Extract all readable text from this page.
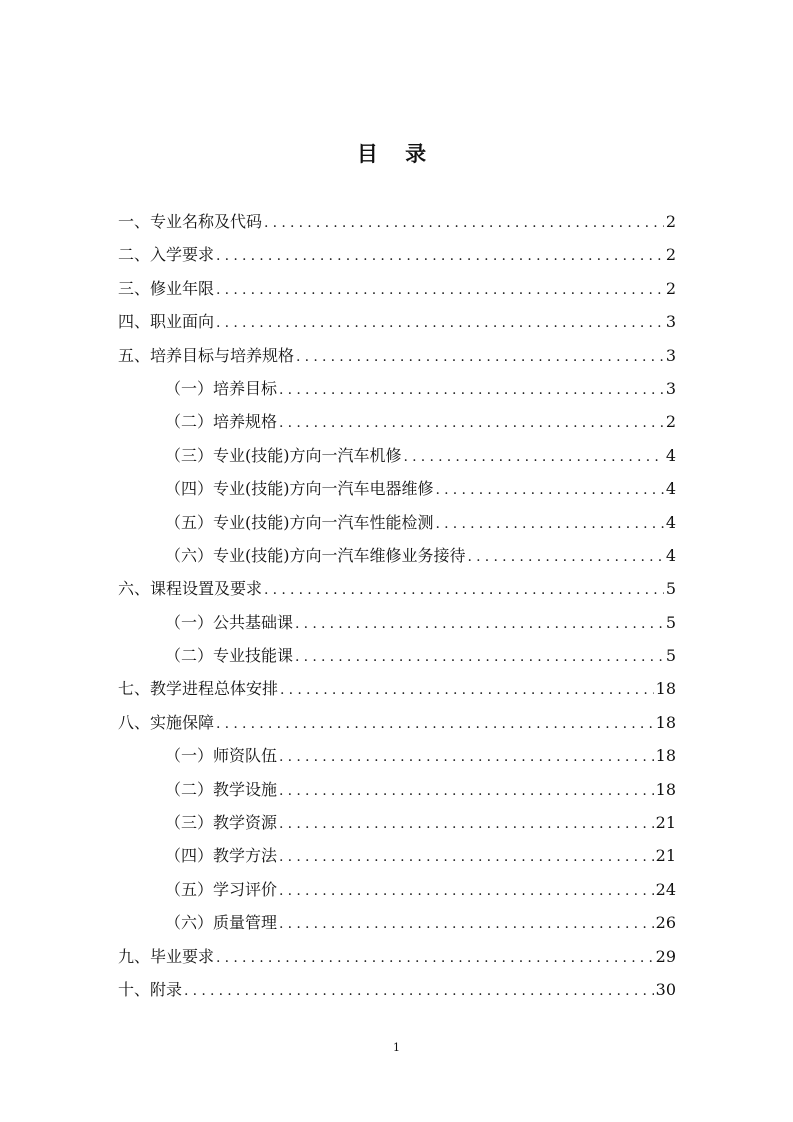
目 录
一、专业名称及代码 .....	2
二、入学要求 .....	2
三、修业年限 .....	2
四、职业面向 .....	3
五、培养目标与培养规格 .....	3
（一）培养目标 .....	3
（二）培养规格 .....	2
（三）专业(技能)方向一汽车机修 .....	4
（四）专业(技能)方向一汽车电器维修 .....	4
（五）专业(技能)方向一汽车性能检测 .....	4
（六）专业(技能)方向一汽车维修业务接待 .....	4
六、课程设置及要求 .....	5
（一）公共基础课 .....	5
（二）专业技能课 .....	5
七、教学进程总体安排 .....	18
八、实施保障 .....	18
（一）师资队伍 .....	18
（二）教学设施 .....	18
（三）教学资源 .....	21
（四）教学方法 .....	21
（五）学习评价 .....	24
（六）质量管理 .....	26
九、毕业要求 .....	29
十、附录 .....	30
1
